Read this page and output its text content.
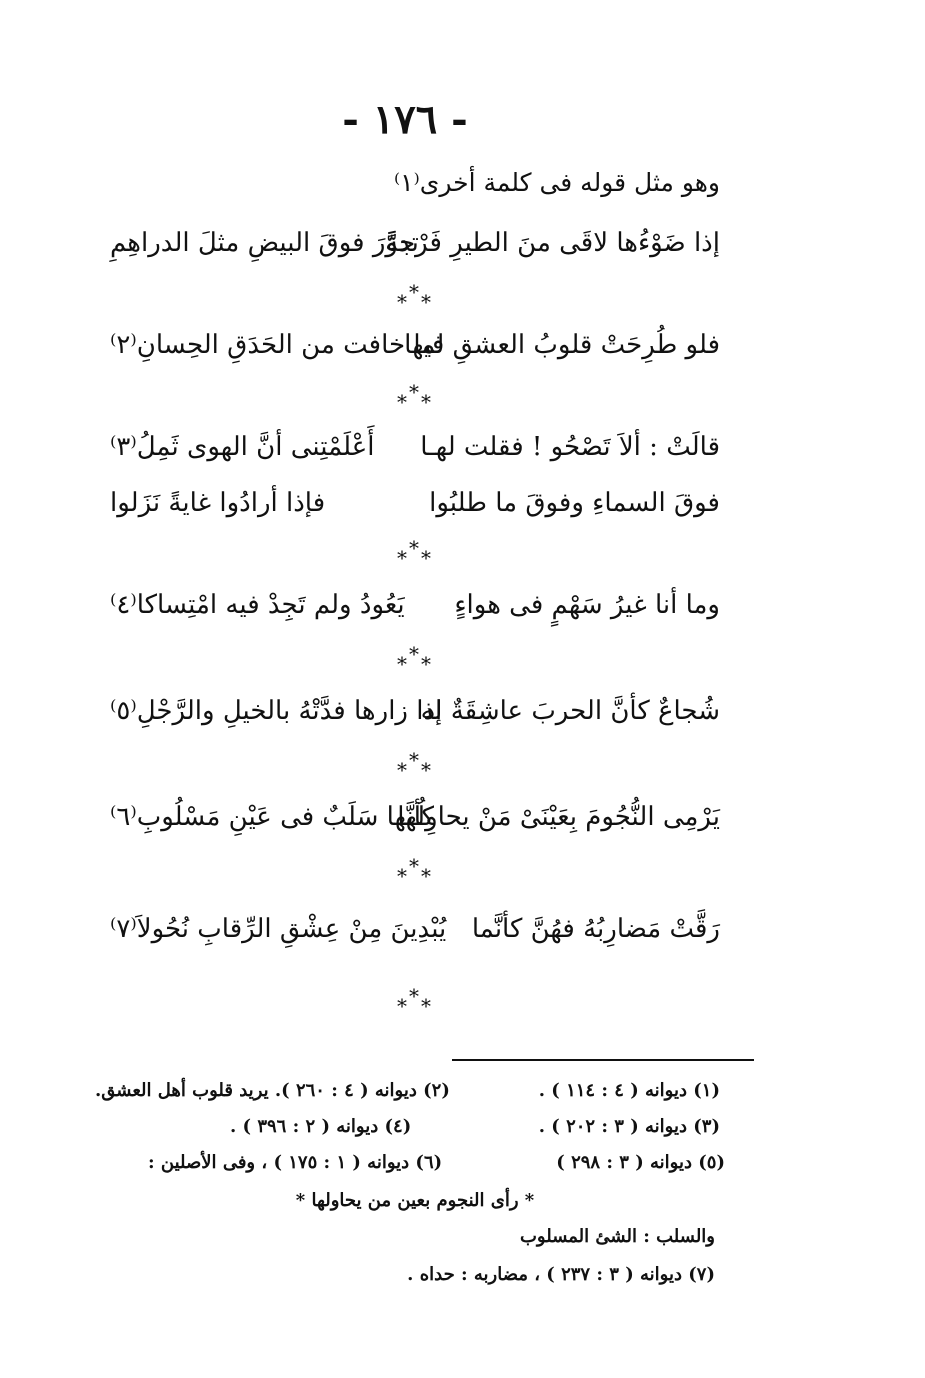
- ١٧٦ -
وهو مثل قوله فى كلمة أخرى⁽١⁾
إذا ضَوْءُها لاقَى منَ الطيرِ فَرْجةً
تدوَّرَ فوقَ البيضِ مثلَ الدراهِمِ
***
فلو طُرِحَتْ قلوبُ العشقِ فيها
لما خافت من الحَدَقِ الحِسانِ⁽٢⁾
***
قالَتْ : ألاَ تَصْحُو ! فقلت لهـا
أَعْلَمْتِنى أنَّ الهوى ثَمِلُ⁽٣⁾
فوقَ السماءِ وفوقَ ما طلبُوا
فإذا أرادُوا غايةً نَزَلوا
***
وما أنا غيرُ سَهْمٍ فى هواءٍ
يَعُودُ ولم تَجِدْ فيه امْتِساكا⁽٤⁾
***
شُجاعٌ كأنَّ الحربَ عاشِقَةٌ له
إذا زارها فدَّتْهُ بالخيلِ والرَّجْلِ⁽٥⁾
***
يَرْمِى النُّجُومَ بِعَيْنَىْ مَنْ يحاوِلُها
كأنَّها سَلَبٌ فى عَيْنِ مَسْلُوبِ⁽٦⁾
***
رَقَّتْ مَضارِبُهُ فهُنَّ كأنَّما
يُبْدِينَ مِنْ عِشْقِ الرِّقابِ نُحُولاَ⁽٧⁾
***
(١) ديوانه ( ٤ : ١١٤ ) .
(٢) ديوانه ( ٤ : ٢٦٠ ). يريد قلوب أهل العشق.
(٣) ديوانه ( ٣ : ٢٠٢ ) .
(٤) ديوانه ( ٢ : ٣٩٦ ) .
(٥) ديوانه ( ٣ : ٢٩٨ )
(٦) ديوانه ( ١ : ١٧٥ ) ، وفى الأصلين :
* رأى النجوم بعين من يحاولها *
والسلب : الشئ المسلوب
(٧) ديوانه ( ٣ : ٢٣٧ ) ، مضاربه : حداه .
